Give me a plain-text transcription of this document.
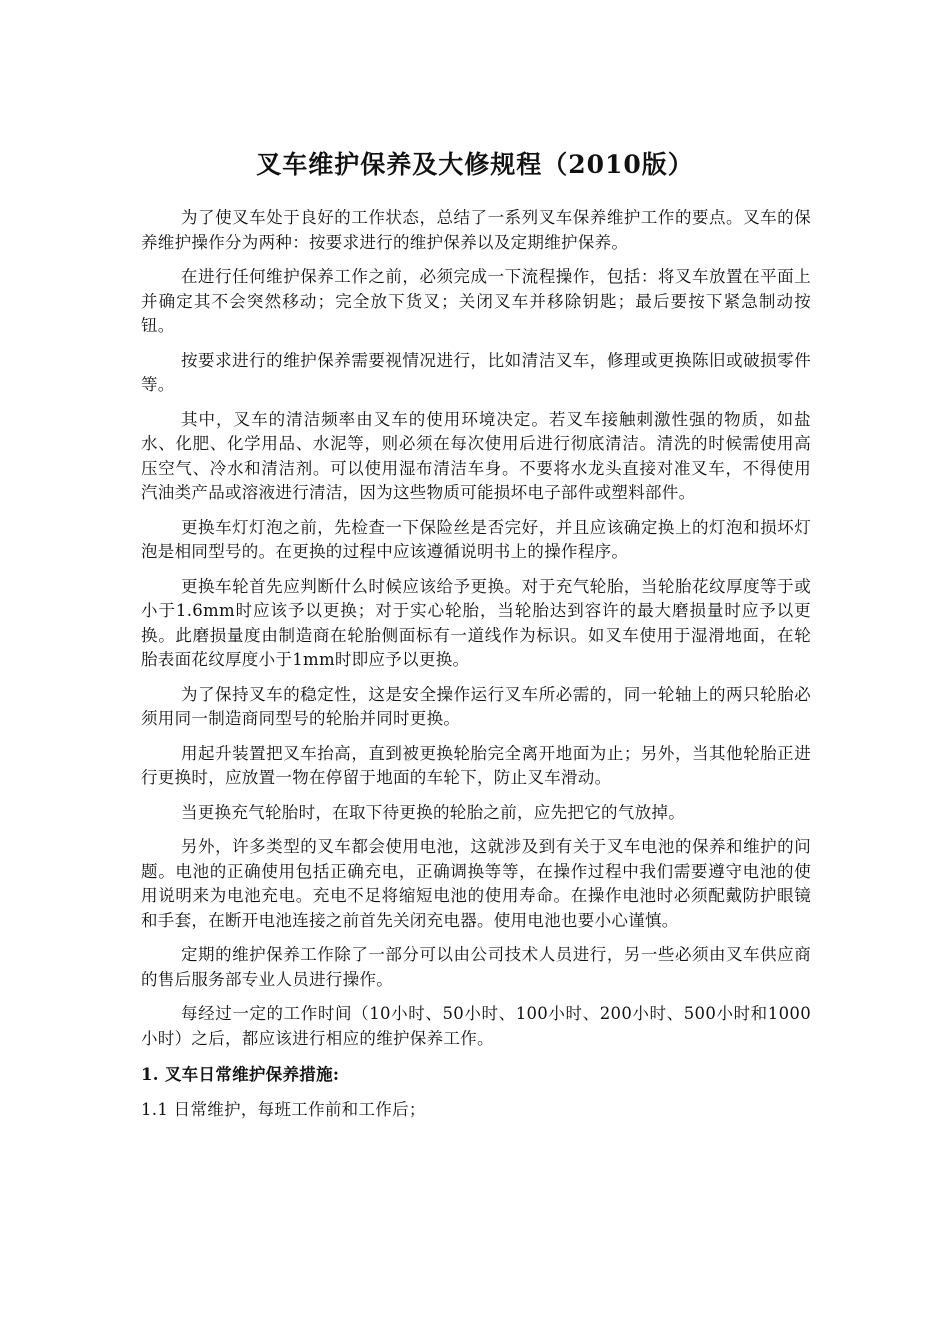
叉车维护保养及大修规程（2010版）

为了使叉车处于良好的工作状态，总结了一系列叉车保养维护工作的要点。叉车的保养维护操作分为两种：按要求进行的维护保养以及定期维护保养。

在进行任何维护保养工作之前，必须完成一下流程操作，包括：将叉车放置在平面上并确定其不会突然移动；完全放下货叉；关闭叉车并移除钥匙；最后要按下紧急制动按钮。

按要求进行的维护保养需要视情况进行，比如清洁叉车，修理或更换陈旧或破损零件等。

其中，叉车的清洁频率由叉车的使用环境决定。若叉车接触刺激性强的物质，如盐水、化肥、化学用品、水泥等，则必须在每次使用后进行彻底清洁。清洗的时候需使用高压空气、冷水和清洁剂。可以使用湿布清洁车身。不要将水龙头直接对准叉车，不得使用汽油类产品或溶液进行清洁，因为这些物质可能损坏电子部件或塑料部件。

更换车灯灯泡之前，先检查一下保险丝是否完好，并且应该确定换上的灯泡和损坏灯泡是相同型号的。在更换的过程中应该遵循说明书上的操作程序。

更换车轮首先应判断什么时候应该给予更换。对于充气轮胎，当轮胎花纹厚度等于或小于1.6mm时应该予以更换；对于实心轮胎，当轮胎达到容许的最大磨损量时应予以更换。此磨损量度由制造商在轮胎侧面标有一道线作为标识。如叉车使用于湿滑地面，在轮胎表面花纹厚度小于1mm时即应予以更换。

为了保持叉车的稳定性，这是安全操作运行叉车所必需的，同一轮轴上的两只轮胎必须用同一制造商同型号的轮胎并同时更换。

用起升装置把叉车抬高，直到被更换轮胎完全离开地面为止；另外，当其他轮胎正进行更换时，应放置一物在停留于地面的车轮下，防止叉车滑动。

当更换充气轮胎时，在取下待更换的轮胎之前，应先把它的气放掉。

另外，许多类型的叉车都会使用电池，这就涉及到有关于叉车电池的保养和维护的问题。电池的正确使用包括正确充电，正确调换等等，在操作过程中我们需要遵守电池的使用说明来为电池充电。充电不足将缩短电池的使用寿命。在操作电池时必须配戴防护眼镜和手套，在断开电池连接之前首先关闭充电器。使用电池也要小心谨慎。

定期的维护保养工作除了一部分可以由公司技术人员进行，另一些必须由叉车供应商的售后服务部专业人员进行操作。

每经过一定的工作时间（10小时、50小时、100小时、200小时、500小时和1000小时）之后，都应该进行相应的维护保养工作。

1. 叉车日常维护保养措施:

1.1 日常维护，每班工作前和工作后；
